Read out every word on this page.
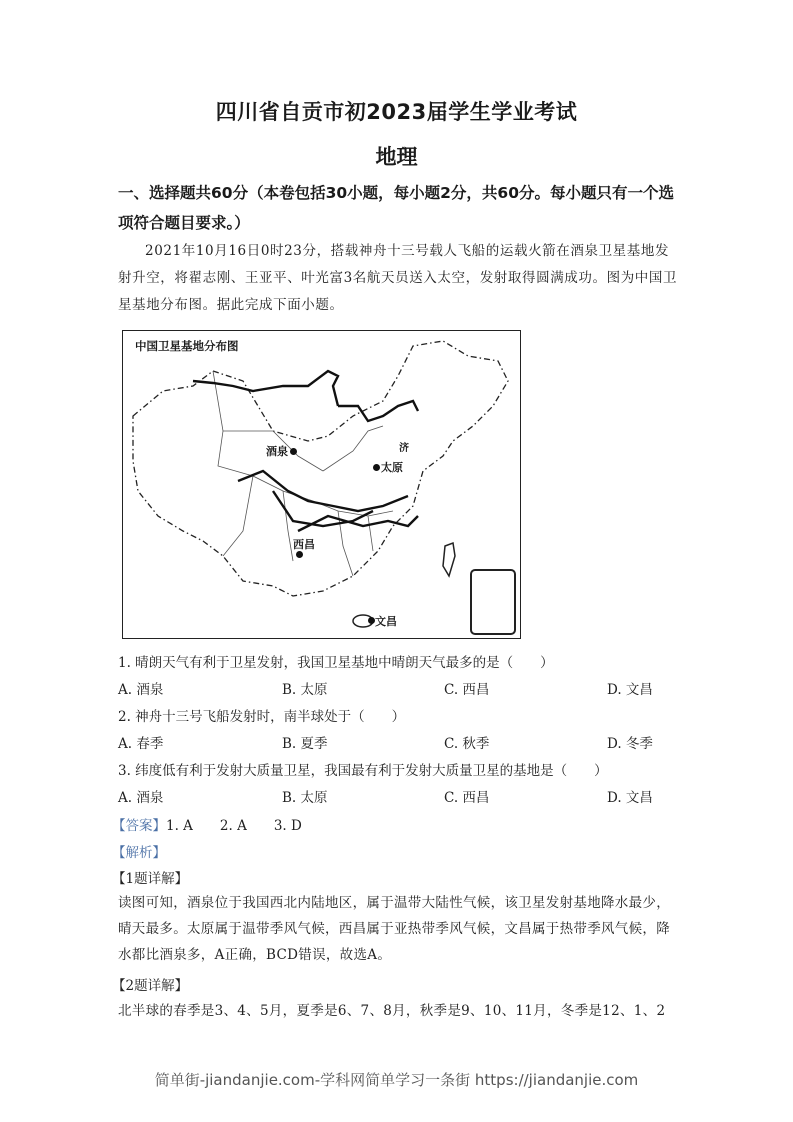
四川省自贡市初2023届学生学业考试
地理
一、选择题共60分（本卷包括30小题，每小题2分，共60分。每小题只有一个选项符合题目要求。）
2021年10月16日0时23分，搭载神舟十三号载人飞船的运载火箭在酒泉卫星基地发射升空，将翟志刚、王亚平、叶光富3名航天员送入太空，发射取得圆满成功。图为中国卫星基地分布图。据此完成下面小题。
中国卫星基地分布图
酒泉
太原
济
西昌
文昌
1. 晴朗天气有利于卫星发射，我国卫星基地中晴朗天气最多的是（　　）
A. 酒泉	B. 太原	C. 西昌	D. 文昌
2. 神舟十三号飞船发射时，南半球处于（　　）
A. 春季	B. 夏季	C. 秋季	D. 冬季
3. 纬度低有利于发射大质量卫星，我国最有利于发射大质量卫星的基地是（　　）
A. 酒泉	B. 太原	C. 西昌	D. 文昌
【答案】1. A　　2. A　　3. D
【解析】
【1题详解】
读图可知，酒泉位于我国西北内陆地区，属于温带大陆性气候，该卫星发射基地降水最少，晴天最多。太原属于温带季风气候，西昌属于亚热带季风气候，文昌属于热带季风气候，降水都比酒泉多，A正确，BCD错误，故选A。
【2题详解】
北半球的春季是3、4、5月，夏季是6、7、8月，秋季是9、10、11月，冬季是12、1、2
简单街-jiandanjie.com-学科网简单学习一条街 https://jiandanjie.com
